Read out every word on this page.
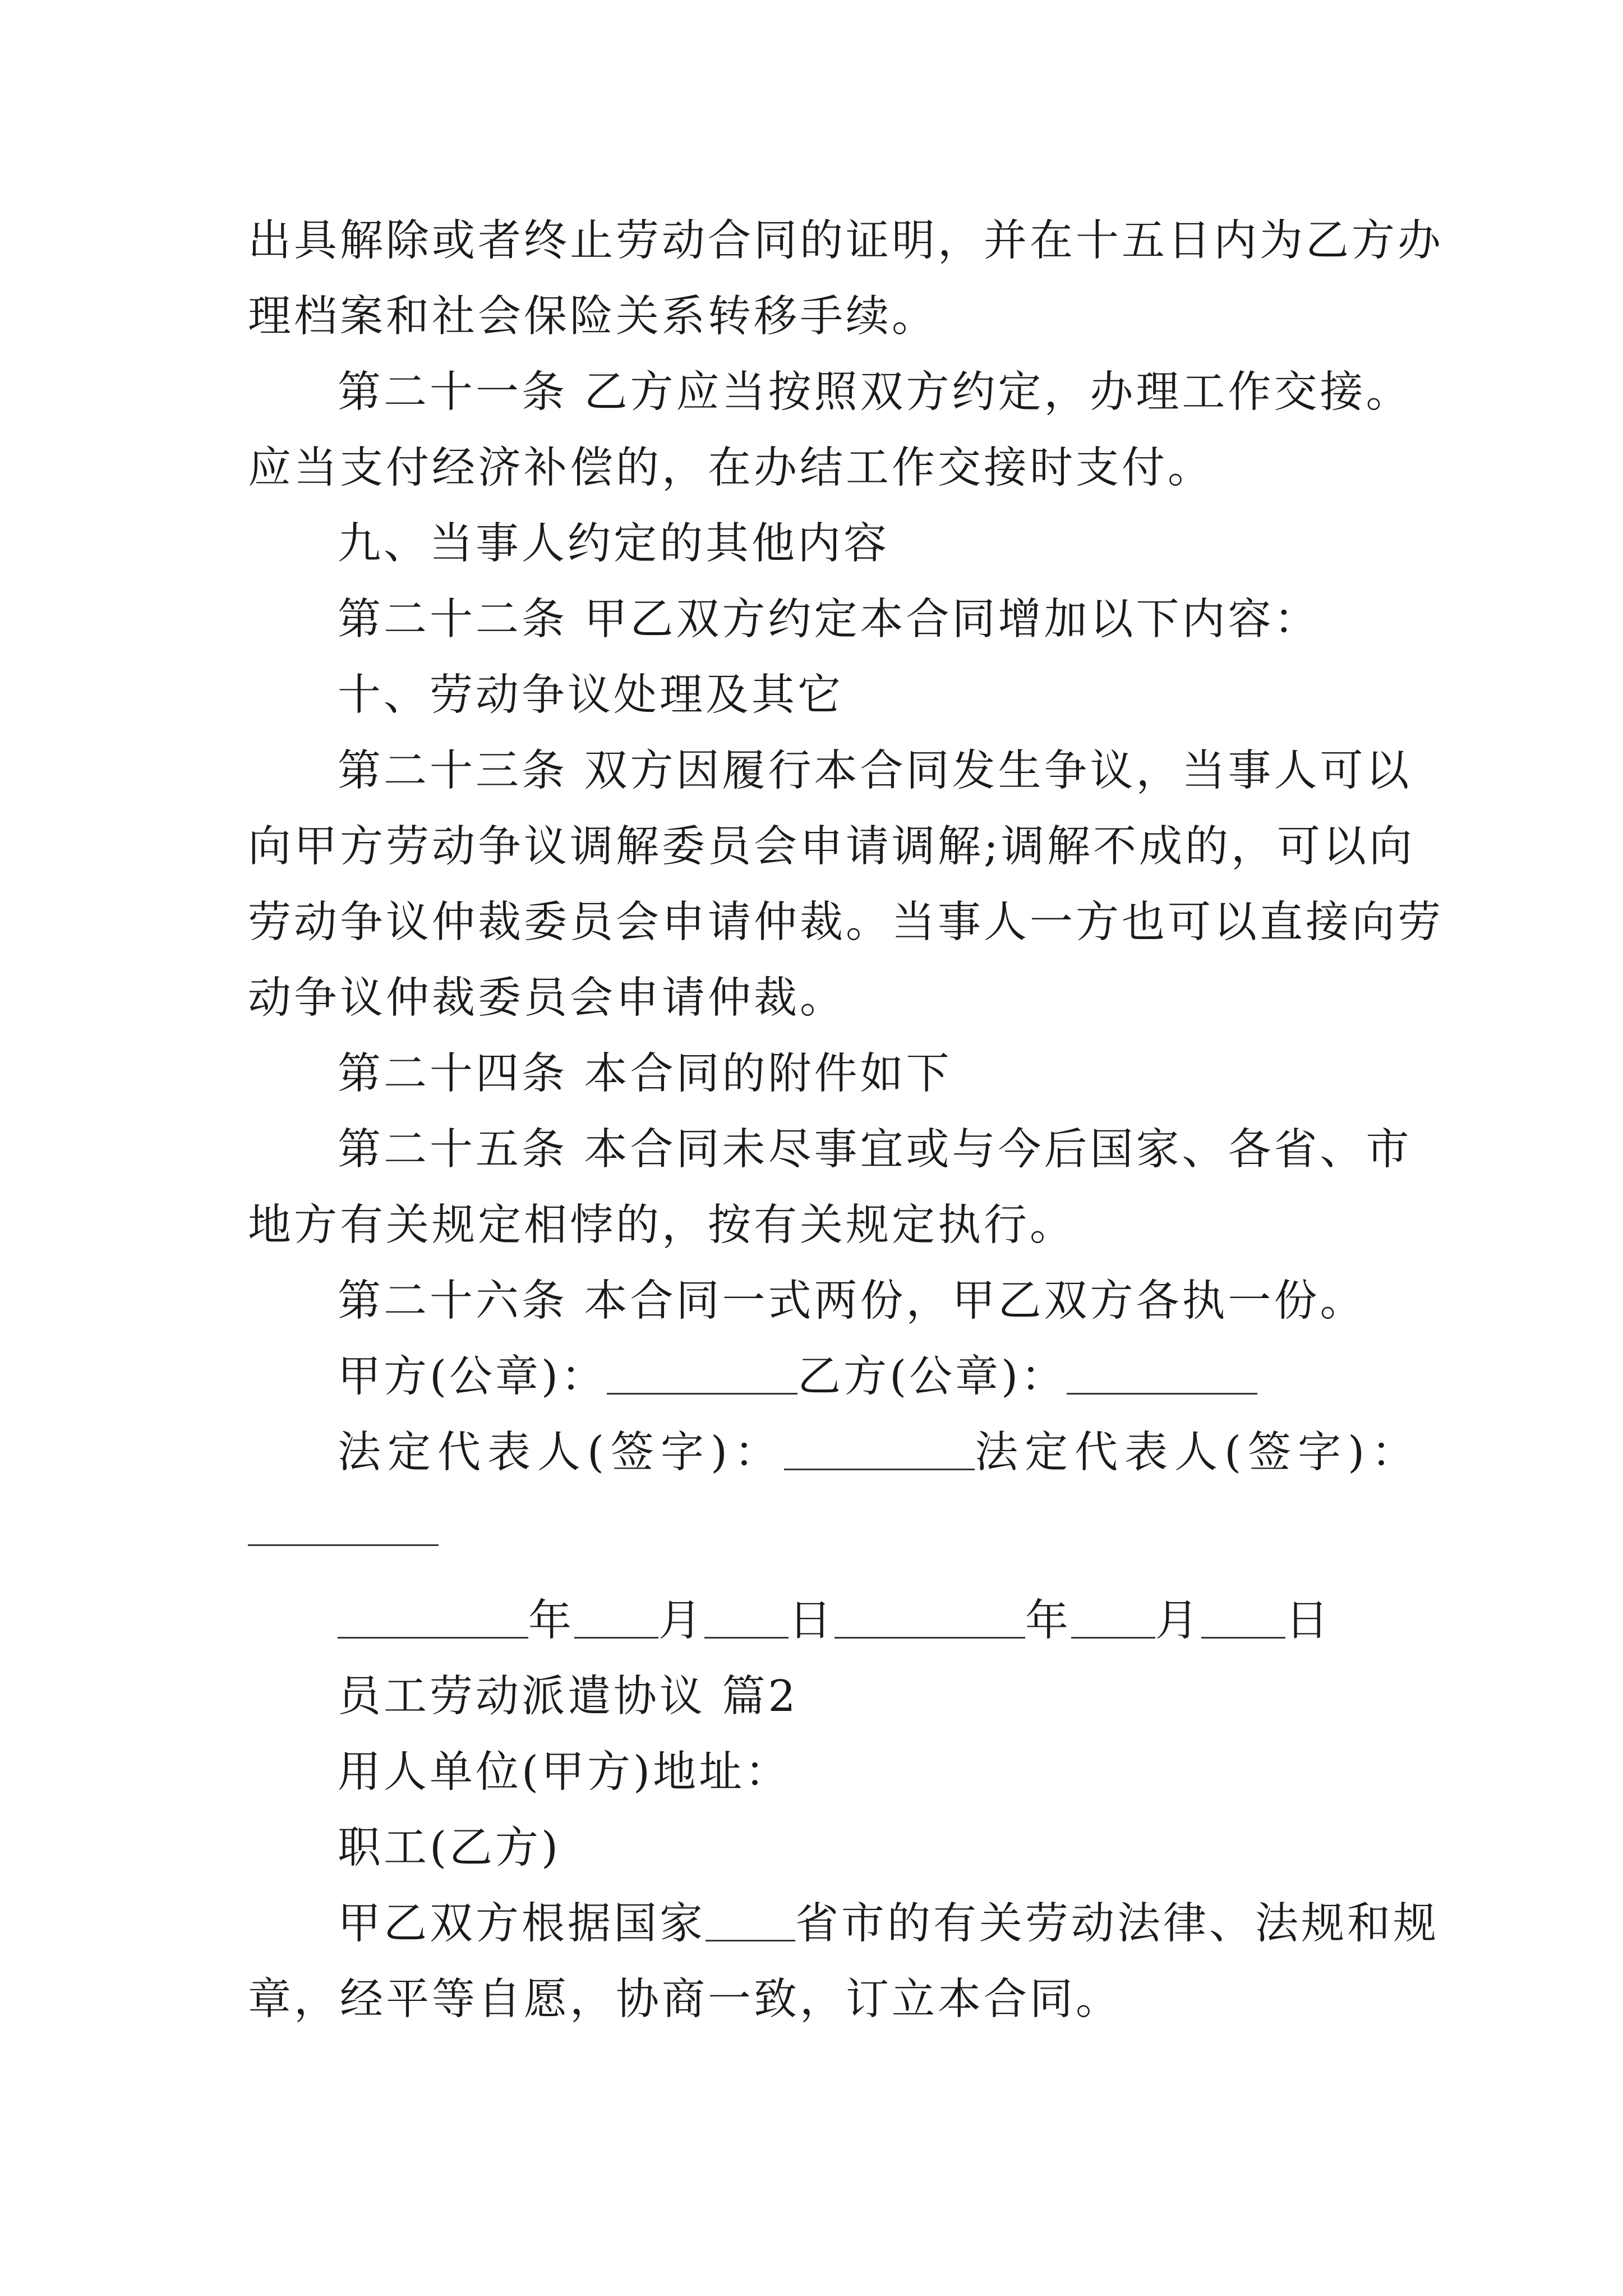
出具解除或者终止劳动合同的证明，并在十五日内为乙方办
理档案和社会保险关系转移手续。
第二十一条 乙方应当按照双方约定，办理工作交接。
应当支付经济补偿的，在办结工作交接时支付。
九、当事人约定的其他内容
第二十二条 甲乙双方约定本合同增加以下内容：
十、劳动争议处理及其它
第二十三条 双方因履行本合同发生争议，当事人可以
向甲方劳动争议调解委员会申请调解;调解不成的，可以向
劳动争议仲裁委员会申请仲裁。当事人一方也可以直接向劳
动争议仲裁委员会申请仲裁。
第二十四条 本合同的附件如下
第二十五条 本合同未尽事宜或与今后国家、各省、市
地方有关规定相悖的，按有关规定执行。
第二十六条 本合同一式两份，甲乙双方各执一份。
甲方(公章)：	乙方(公章)：
法定代表人(签字)：	法定代表人(签字)：
年 月 日	年 月 日
员工劳动派遣协议 篇2
用人单位(甲方)地址：
职工(乙方)
甲乙双方根据国家 省市的有关劳动法律、法规和规
章，经平等自愿，协商一致，订立本合同。
